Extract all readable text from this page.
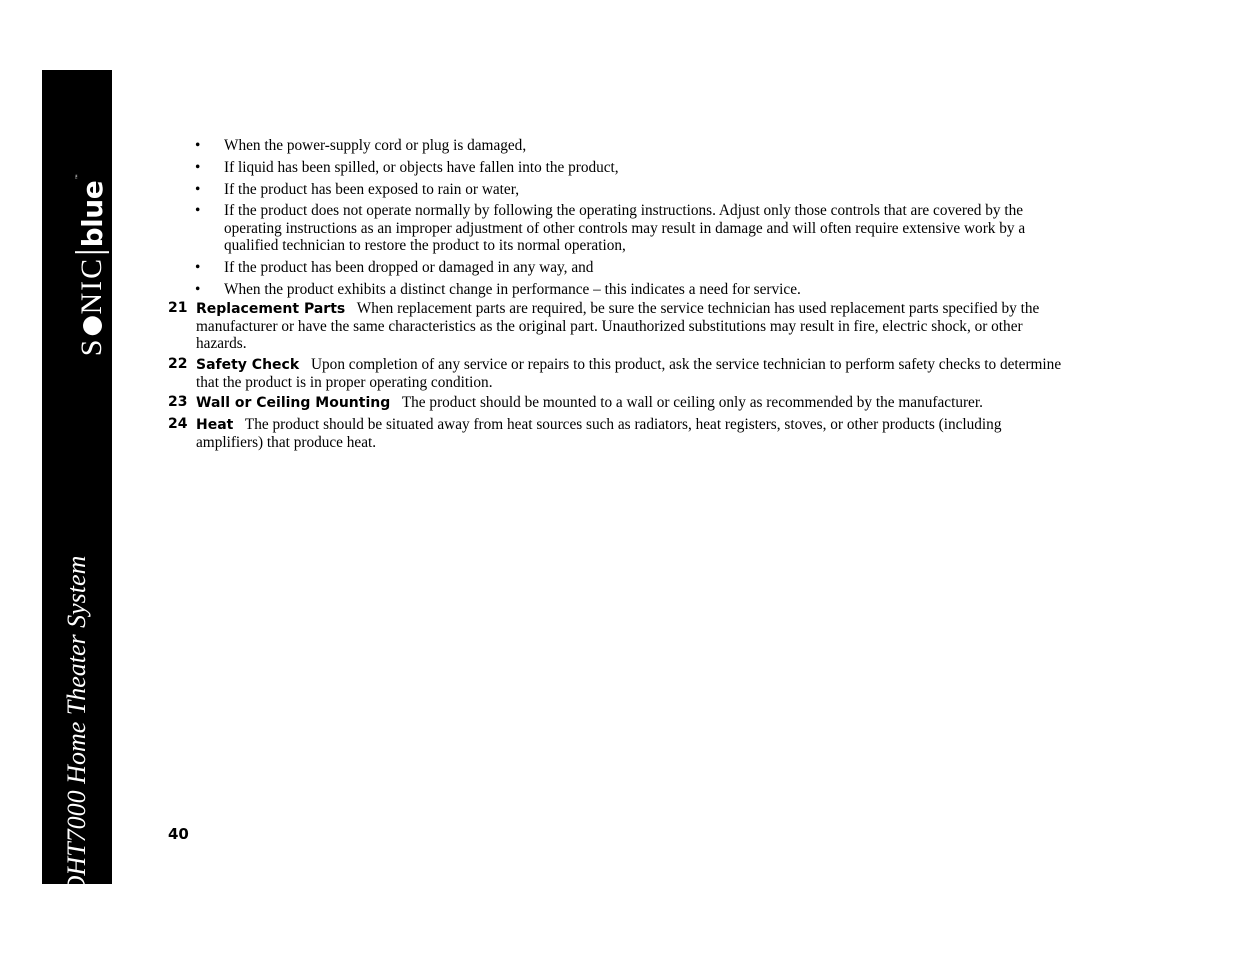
S
NIC
blue
™
DHT7000 Home Theater System
• When the power-supply cord or plug is damaged,
• If liquid has been spilled, or objects have fallen into the product,
• If the product has been exposed to rain or water,
• If the product does not operate normally by following the operating instructions. Adjust only those controls that are covered by the operating instructions as an improper adjustment of other controls may result in damage and will often require extensive work by a qualified technician to restore the product to its normal operation,
• If the product has been dropped or damaged in any way, and
• When the product exhibits a distinct change in performance – this indicates a need for service.
21 Replacement Parts When replacement parts are required, be sure the service technician has used replacement parts specified by the manufacturer or have the same characteristics as the original part. Unauthorized substitutions may result in fire, electric shock, or other hazards.
22 Safety Check Upon completion of any service or repairs to this product, ask the service technician to perform safety checks to determine that the product is in proper operating condition.
23 Wall or Ceiling Mounting The product should be mounted to a wall or ceiling only as recommended by the manufacturer.
24 Heat The product should be situated away from heat sources such as radiators, heat registers, stoves, or other products (including amplifiers) that produce heat.
40
